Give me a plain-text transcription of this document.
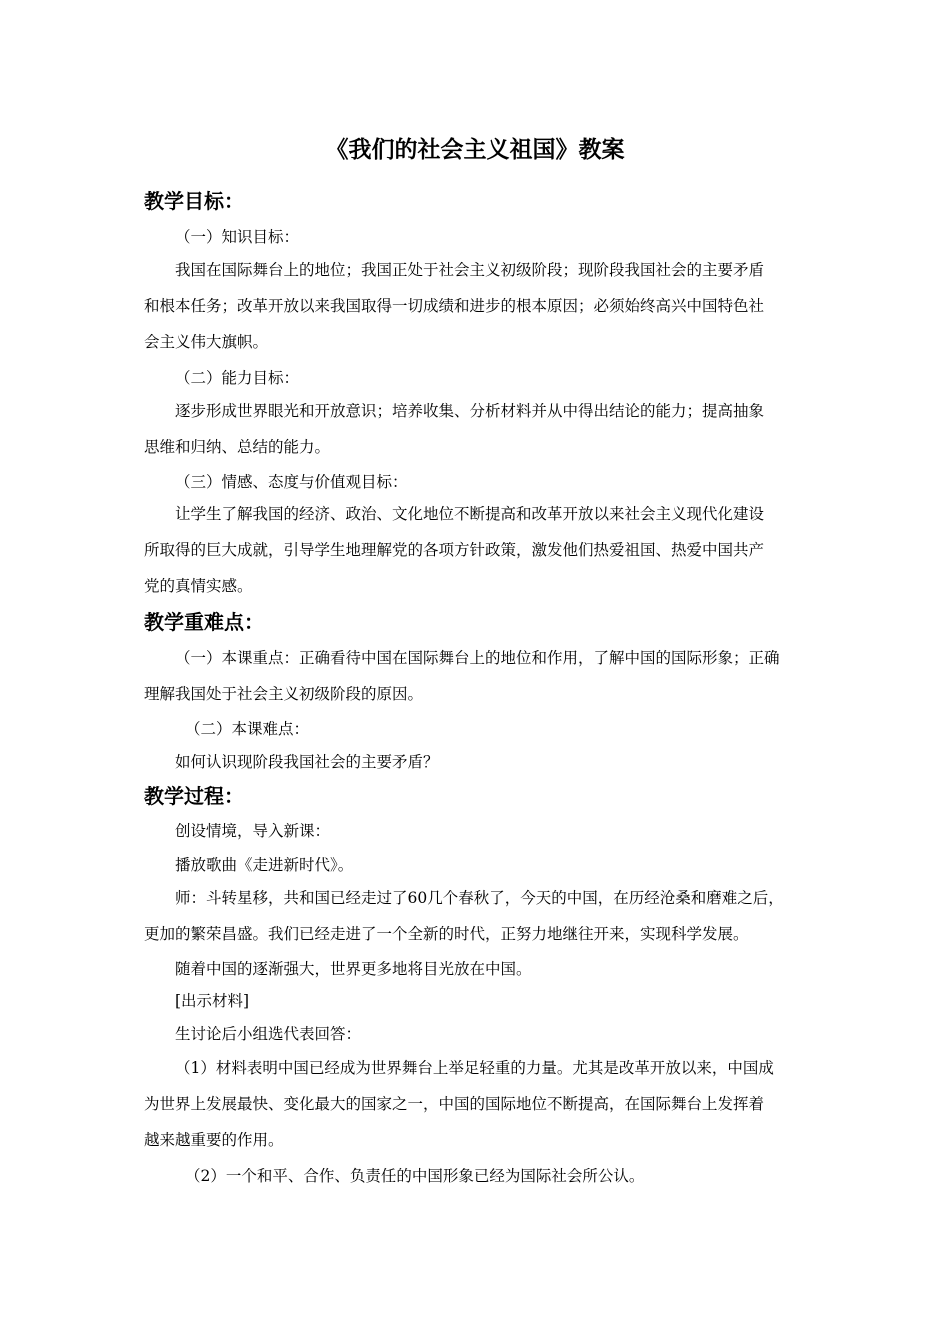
《我们的社会主义祖国》教案
教学目标：
（一）知识目标：
我国在国际舞台上的地位；我国正处于社会主义初级阶段；现阶段我国社会的主要矛盾
和根本任务；改革开放以来我国取得一切成绩和进步的根本原因；必须始终高兴中国特色社
会主义伟大旗帜。
（二）能力目标：
逐步形成世界眼光和开放意识；培养收集、分析材料并从中得出结论的能力；提高抽象
思维和归纳、总结的能力。
（三）情感、态度与价值观目标：
让学生了解我国的经济、政治、文化地位不断提高和改革开放以来社会主义现代化建设
所取得的巨大成就，引导学生地理解党的各项方针政策，激发他们热爱祖国、热爱中国共产
党的真情实感。
教学重难点：
（一）本课重点：正确看待中国在国际舞台上的地位和作用，了解中国的国际形象；正确
理解我国处于社会主义初级阶段的原因。
（二）本课难点：
如何认识现阶段我国社会的主要矛盾？
教学过程：
创设情境，导入新课：
播放歌曲《走进新时代》。
师：斗转星移，共和国已经走过了60几个春秋了，今天的中国，在历经沧桑和磨难之后，
更加的繁荣昌盛。我们已经走进了一个全新的时代，正努力地继往开来，实现科学发展。
随着中国的逐渐强大，世界更多地将目光放在中国。
[出示材料]
生讨论后小组选代表回答：
（1）材料表明中国已经成为世界舞台上举足轻重的力量。尤其是改革开放以来，中国成
为世界上发展最快、变化最大的国家之一，中国的国际地位不断提高，在国际舞台上发挥着
越来越重要的作用。
（2）一个和平、合作、负责任的中国形象已经为国际社会所公认。
